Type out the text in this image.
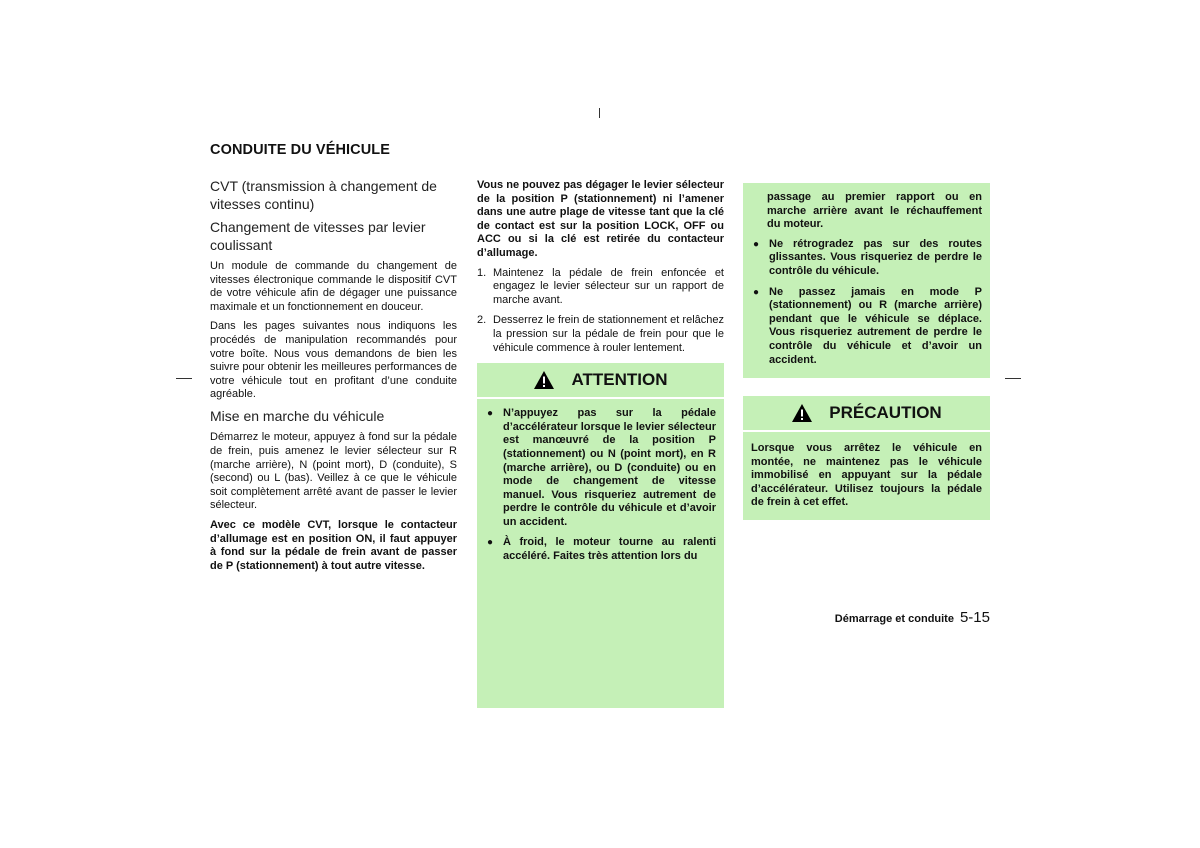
CONDUITE DU VÉHICULE
CVT (transmission à changement de vitesses continu)
Changement de vitesses par levier coulissant

Un module de commande du changement de vitesses électronique commande le dispositif CVT de votre véhicule afin de dégager une puissance maximale et un fonctionnement en douceur.

Dans les pages suivantes nous indiquons les procédés de manipulation recommandés pour votre boîte. Nous vous demandons de bien les suivre pour obtenir les meilleures performances de votre véhicule tout en profitant d’une conduite agréable.

Mise en marche du véhicule

Démarrez le moteur, appuyez à fond sur la pédale de frein, puis amenez le levier sélecteur sur R (marche arrière), N (point mort), D (conduite), S (second) ou L (bas). Veillez à ce que le véhicule soit complètement arrêté avant de passer le levier sélecteur.

Avec ce modèle CVT, lorsque le contacteur d’allumage est en position ON, il faut appuyer à fond sur la pédale de frein avant de passer de P (stationnement) à tout autre vitesse.

Vous ne pouvez pas dégager le levier sélecteur de la position P (stationnement) ni l’amener dans une autre plage de vitesse tant que la clé de contact est sur la position LOCK, OFF ou ACC ou si la clé est retirée du contacteur d’allumage.

1. Maintenez la pédale de frein enfoncée et engagez le levier sélecteur sur un rapport de marche avant.
2. Desserrez le frein de stationnement et relâchez la pression sur la pédale de frein pour que le véhicule commence à rouler lentement.
ATTENTION
● N’appuyez pas sur la pédale d’accélérateur lorsque le levier sélecteur est manœuvré de la position P (stationnement) ou N (point mort), en R (marche arrière), ou D (conduite) ou en mode de changement de vitesse manuel. Vous risqueriez autrement de perdre le contrôle du véhicule et d’avoir un accident.
● À froid, le moteur tourne au ralenti accéléré. Faites très attention lors du
passage au premier rapport ou en marche arrière avant le réchauffement du moteur.
● Ne rétrogradez pas sur des routes glissantes. Vous risqueriez de perdre le contrôle du véhicule.
● Ne passez jamais en mode P (stationnement) ou R (marche arrière) pendant que le véhicule se déplace. Vous risqueriez autrement de perdre le contrôle du véhicule et d’avoir un accident.
PRÉCAUTION
Lorsque vous arrêtez le véhicule en montée, ne maintenez pas le véhicule immobilisé en appuyant sur la pédale d’accélérateur. Utilisez toujours la pédale de frein à cet effet.
Démarrage et conduite 5-15
